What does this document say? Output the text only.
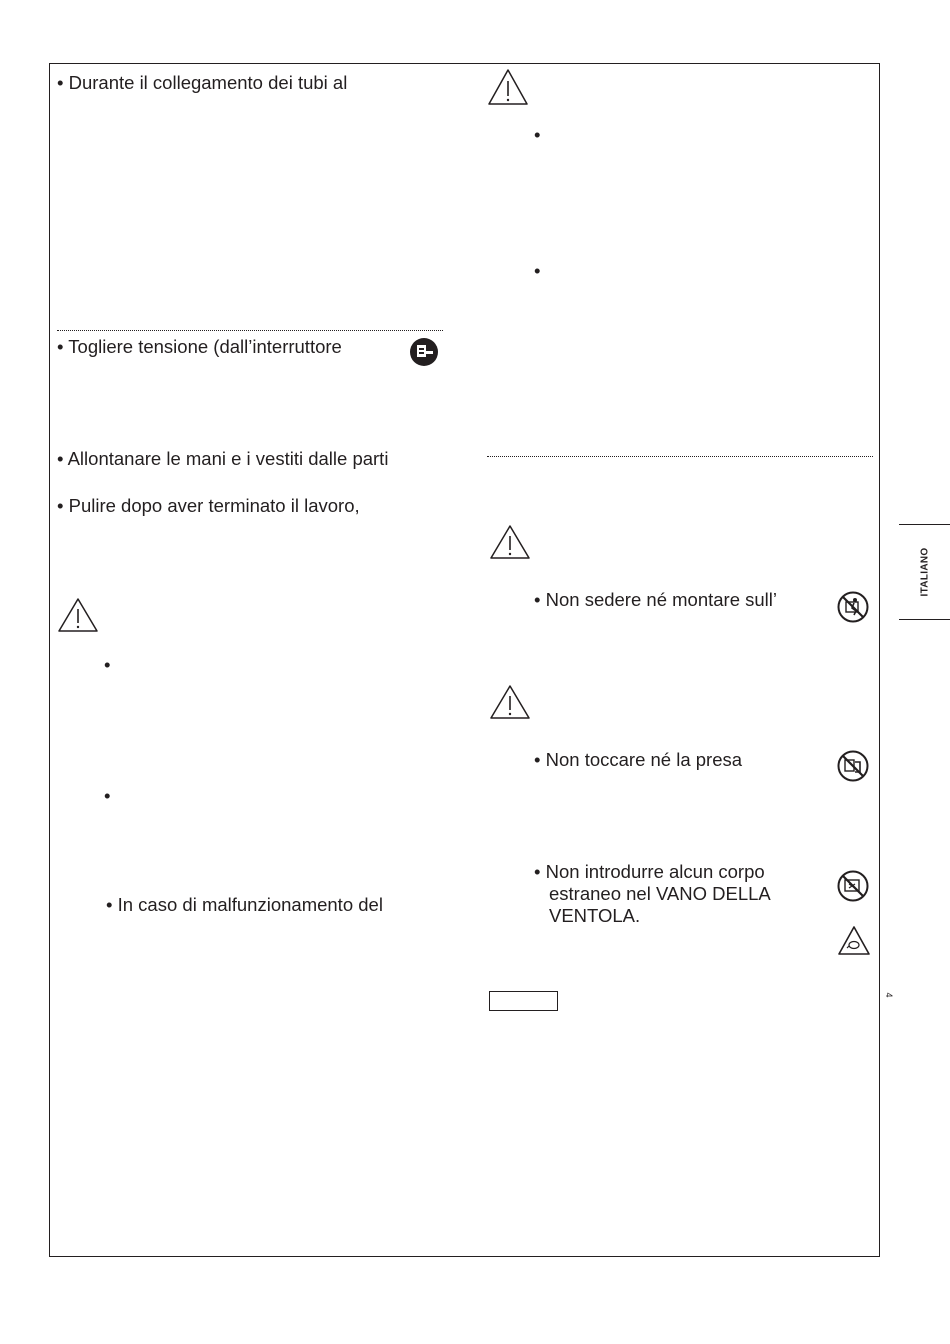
• Durante il collegamento dei tubi al
• Togliere tensione (dall’interruttore
• Allontanare le mani e i vestiti dalle parti
• Pulire dopo aver terminato il lavoro,
•
•
• In caso di malfunzionamento del
•
•
• Non sedere né montare sull’
• Non toccare né la presa
• Non introdurre alcun corpo
estraneo nel VANO DELLA
VENTOLA.
ITALIANO
4
